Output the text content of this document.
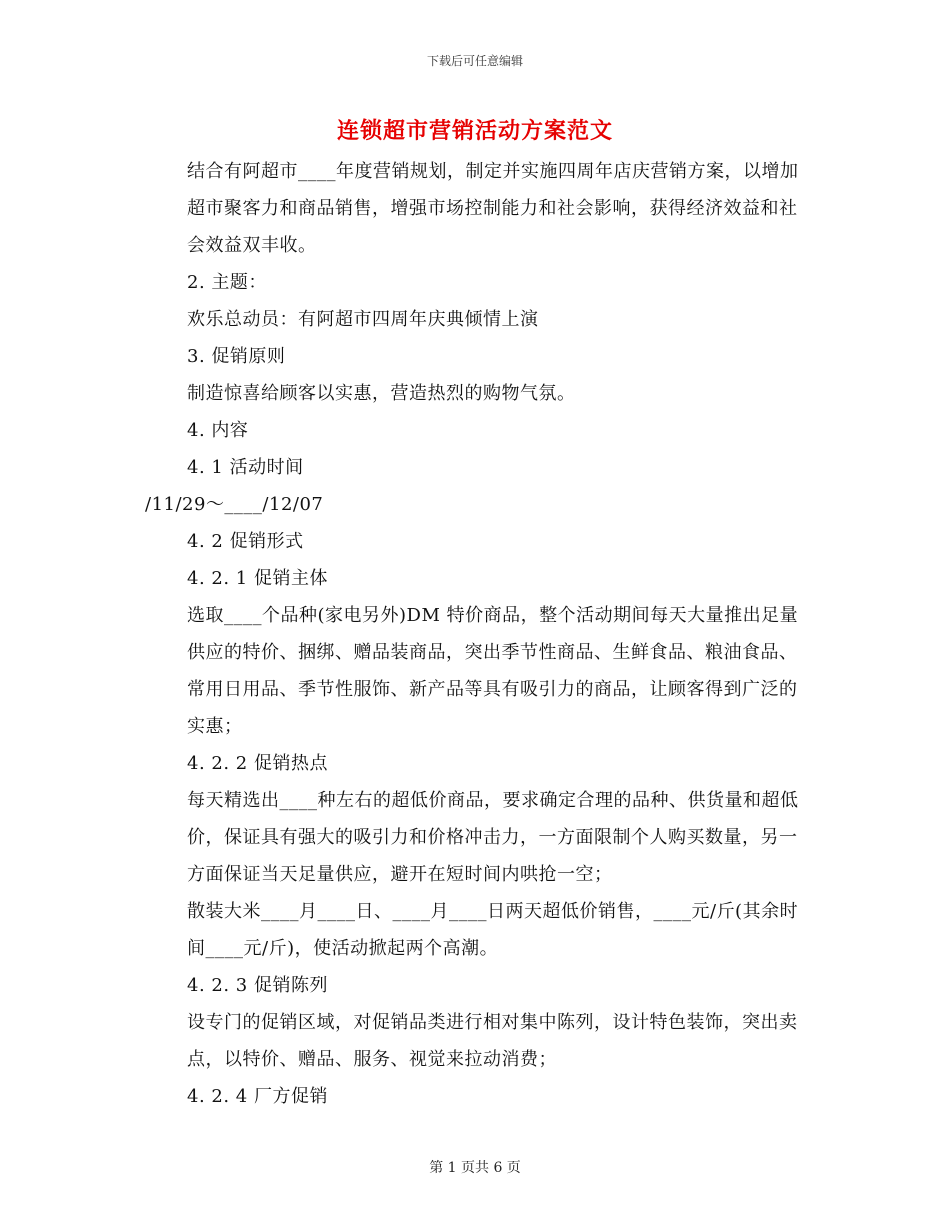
下载后可任意编辑
连锁超市营销活动方案范文

结合有阿超市____年度营销规划，制定并实施四周年店庆营销方案，以增加超市聚客力和商品销售，增强市场控制能力和社会影响，获得经济效益和社会效益双丰收。

2. 主题：

欢乐总动员：有阿超市四周年庆典倾情上演

3. 促销原则

制造惊喜给顾客以实惠，营造热烈的购物气氛。

4. 内容

4. 1 活动时间

/11/29～____/12/07

4. 2 促销形式

4. 2. 1 促销主体

选取____个品种(家电另外)DM 特价商品，整个活动期间每天大量推出足量供应的特价、捆绑、赠品装商品，突出季节性商品、生鲜食品、粮油食品、常用日用品、季节性服饰、新产品等具有吸引力的商品，让顾客得到广泛的实惠；

4. 2. 2 促销热点

每天精选出____种左右的超低价商品，要求确定合理的品种、供货量和超低价，保证具有强大的吸引力和价格冲击力，一方面限制个人购买数量，另一方面保证当天足量供应，避开在短时间内哄抢一空；

散装大米____月____日、____月____日两天超低价销售，____元/斤(其余时间____元/斤)，使活动掀起两个高潮。

4. 2. 3 促销陈列

设专门的促销区域，对促销品类进行相对集中陈列，设计特色装饰，突出卖点，以特价、赠品、服务、视觉来拉动消费；

4. 2. 4 厂方促销

第 1 页共 6 页
